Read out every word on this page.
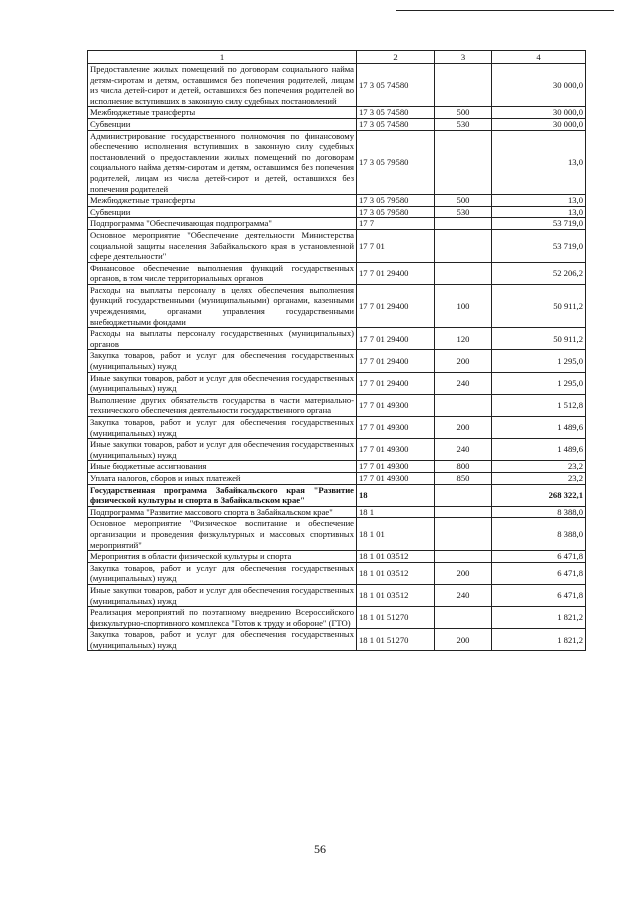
1	2	3	4
Предоставление жилых помещений по договорам социального найма детям-сиротам и детям, оставшимся без попечения родителей, лицам из числа детей-сирот и детей, оставшихся без попечения родителей во исполнение вступивших в законную силу судебных постановлений	17 3 05 74580		30 000,0
Межбюджетные трансферты	17 3 05 74580	500	30 000,0
Субвенции	17 3 05 74580	530	30 000,0
Администрирование государственного полномочия по финансовому обеспечению исполнения вступивших в законную силу судебных постановлений о предоставлении жилых помещений по договорам социального найма детям-сиротам и детям, оставшимся без попечения родителей, лицам из числа детей-сирот и детей, оставшихся без попечения родителей	17 3 05 79580		13,0
Межбюджетные трансферты	17 3 05 79580	500	13,0
Субвенции	17 3 05 79580	530	13,0
Подпрограмма "Обеспечивающая подпрограмма"	17 7		53 719,0
Основное мероприятие "Обеспечение деятельности Министерства социальной защиты населения Забайкальского края в установленной сфере деятельности"	17 7 01		53 719,0
Финансовое обеспечение выполнения функций государственных органов, в том числе территориальных органов	17 7 01 29400		52 206,2
Расходы на выплаты персоналу в целях обеспечения выполнения функций государственными (муниципальными) органами, казенными учреждениями, органами управления государственными внебюджетными фондами	17 7 01 29400	100	50 911,2
Расходы на выплаты персоналу государственных (муниципальных) органов	17 7 01 29400	120	50 911,2
Закупка товаров, работ и услуг для обеспечения государственных (муниципальных) нужд	17 7 01 29400	200	1 295,0
Иные закупки товаров, работ и услуг для обеспечения государственных (муниципальных) нужд	17 7 01 29400	240	1 295,0
Выполнение других обязательств государства в части материально-технического обеспечения деятельности государственного органа	17 7 01 49300		1 512,8
Закупка товаров, работ и услуг для обеспечения государственных (муниципальных) нужд	17 7 01 49300	200	1 489,6
Иные закупки товаров, работ и услуг для обеспечения государственных (муниципальных) нужд	17 7 01 49300	240	1 489,6
Иные бюджетные ассигнования	17 7 01 49300	800	23,2
Уплата налогов, сборов и иных платежей	17 7 01 49300	850	23,2
Государственная программа Забайкальского края "Развитие физической культуры и спорта в Забайкальском крае"	18		268 322,1
Подпрограмма "Развитие массового спорта в Забайкальском крае"	18 1		8 388,0
Основное мероприятие "Физическое воспитание и обеспечение организации и проведения физкультурных и массовых спортивных мероприятий"	18 1 01		8 388,0
Мероприятия в области физической культуры и спорта	18 1 01 03512		6 471,8
Закупка товаров, работ и услуг для обеспечения государственных (муниципальных) нужд	18 1 01 03512	200	6 471,8
Иные закупки товаров, работ и услуг для обеспечения государственных (муниципальных) нужд	18 1 01 03512	240	6 471,8
Реализация мероприятий по поэтапному внедрению Всероссийского физкультурно-спортивного комплекса "Готов к труду и обороне" (ГТО)	18 1 01 51270		1 821,2
Закупка товаров, работ и услуг для обеспечения государственных (муниципальных) нужд	18 1 01 51270	200	1 821,2
56
